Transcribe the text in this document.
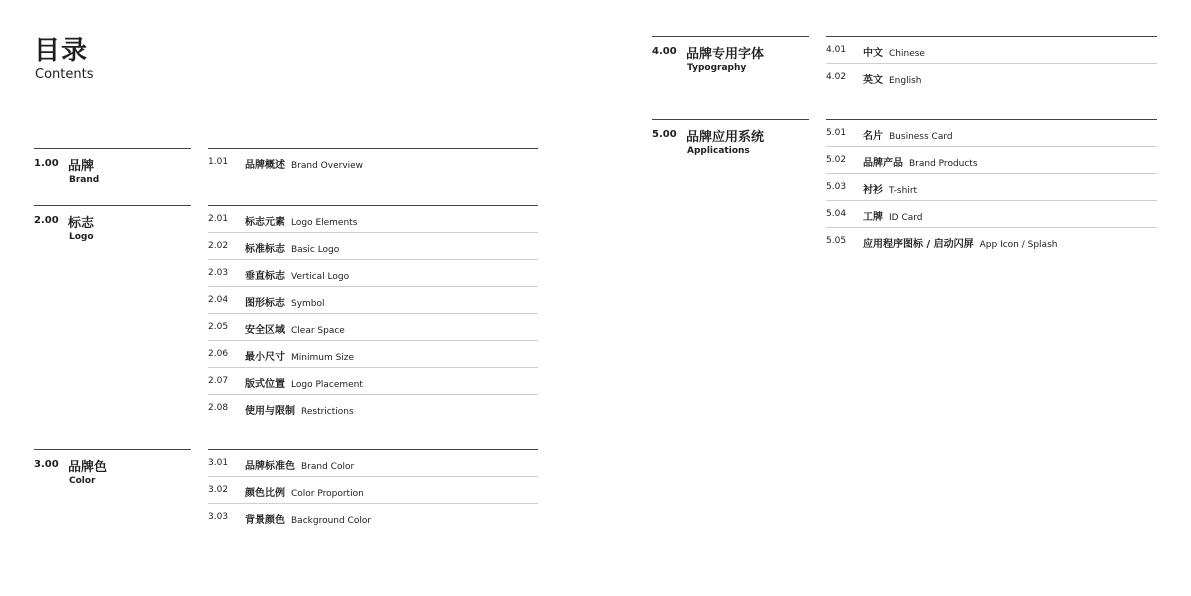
目录
Contents
1.00 品牌
Brand
1.01 品牌概述 Brand Overview
2.00 标志
Logo
2.01 标志元素 Logo Elements
2.02 标准标志 Basic Logo
2.03 垂直标志 Vertical Logo
2.04 图形标志 Symbol
2.05 安全区域 Clear Space
2.06 最小尺寸 Minimum Size
2.07 版式位置 Logo Placement
2.08 使用与限制 Restrictions
3.00 品牌色
Color
3.01 品牌标准色 Brand Color
3.02 颜色比例 Color Proportion
3.03 背景颜色 Background Color
4.00 品牌专用字体
Typography
4.01 中文 Chinese
4.02 英文 English
5.00 品牌应用系统
Applications
5.01 名片 Business Card
5.02 品牌产品 Brand Products
5.03 衬衫 T-shirt
5.04 工牌 ID Card
5.05 应用程序图标 / 启动闪屏 App Icon / Splash
